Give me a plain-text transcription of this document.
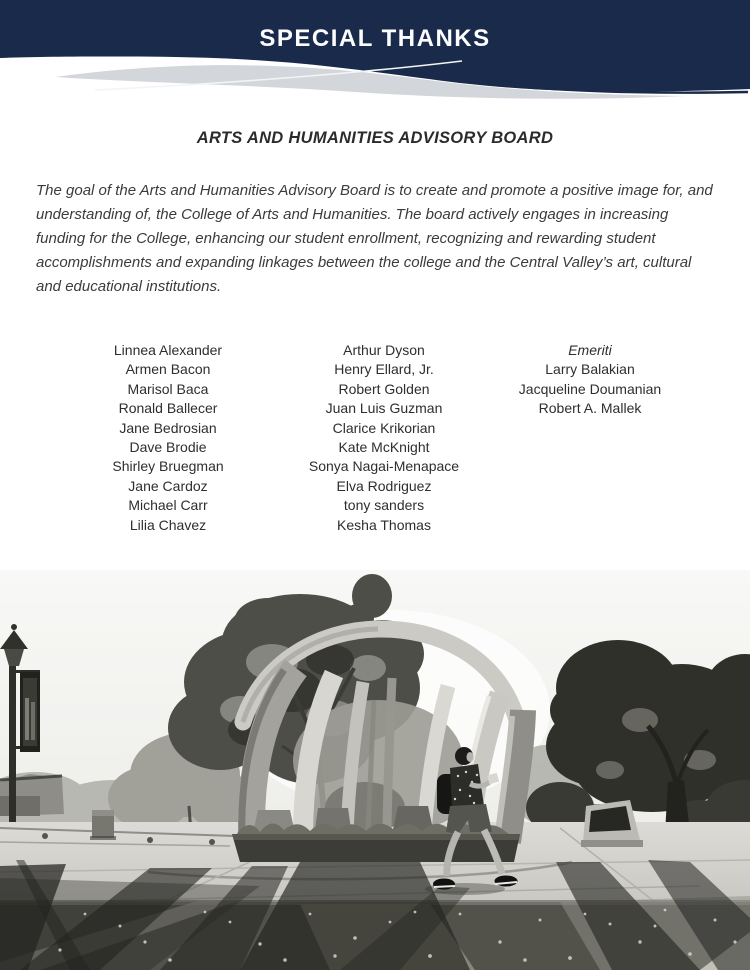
SPECIAL THANKS
ARTS AND HUMANITIES ADVISORY BOARD
The goal of the Arts and Humanities Advisory Board is to create and promote a positive image for, and understanding of, the College of Arts and Humanities. The board actively engages in increasing funding for the College, enhancing our student enrollment, recognizing and rewarding student accomplishments and expanding linkages between the college and the Central Valley’s art, cultural and educational institutions.
Linnea Alexander
Armen Bacon
Marisol Baca
Ronald Ballecer
Jane Bedrosian
Dave Brodie
Shirley Bruegman
Jane Cardoz
Michael Carr
Lilia Chavez
Arthur Dyson
Henry Ellard, Jr.
Robert Golden
Juan Luis Guzman
Clarice Krikorian
Kate McKnight
Sonya Nagai-Menapace
Elva Rodriguez
tony sanders
Kesha Thomas
Emeriti
Larry Balakian
Jacqueline Doumanian
Robert A. Mallek
